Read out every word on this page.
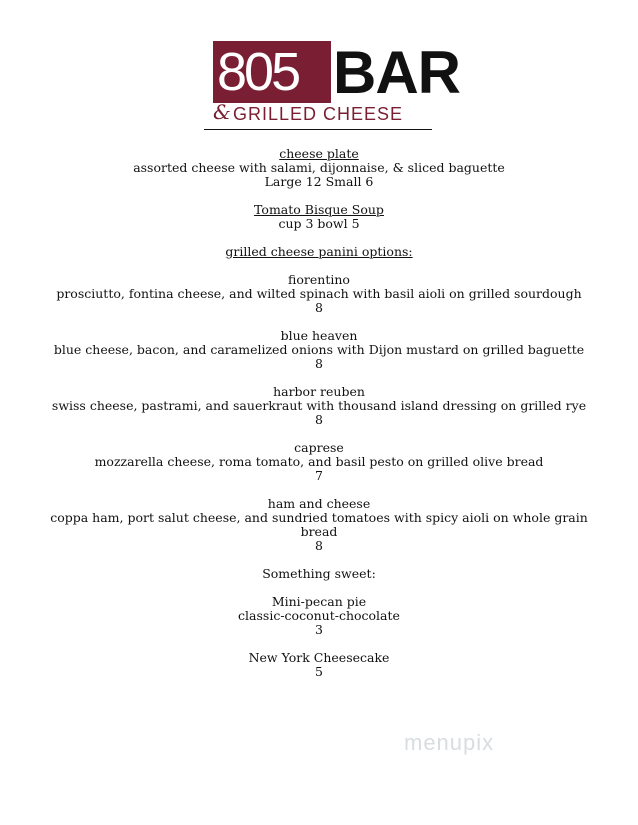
805 BAR
& GRILLED CHEESE

cheese plate

assorted cheese with salami, dijonnaise, & sliced baguette

Large 12 Small 6

Tomato Bisque Soup

cup 3 bowl 5

grilled cheese panini options:

fiorentino

prosciutto, fontina cheese, and wilted spinach with basil aioli on grilled sourdough

8

blue heaven

blue cheese, bacon, and caramelized onions with Dijon mustard on grilled baguette

8

harbor reuben

swiss cheese, pastrami, and sauerkraut with thousand island dressing on grilled rye

8

caprese

mozzarella cheese, roma tomato, and basil pesto on grilled olive bread

7

ham and cheese

coppa ham, port salut cheese, and sundried tomatoes with spicy aioli on whole grain bread

8

Something sweet:

Mini-pecan pie

classic-coconut-chocolate

3

New York Cheesecake

5

menupix
